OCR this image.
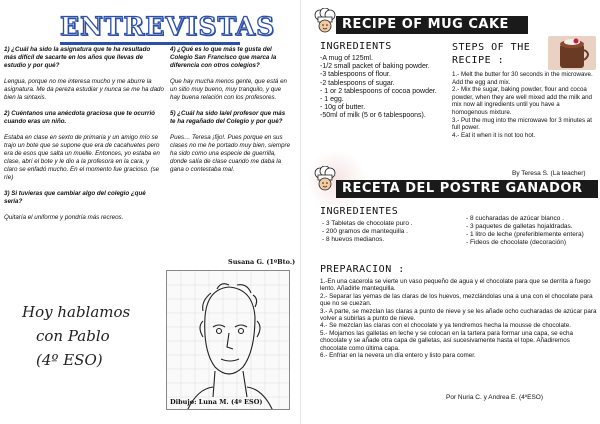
ENTREVISTAS

1) ¿Cuál ha sido la asignatura que te ha resultado más difícil de sacarte en los años que llevas de estudio y por qué?

Lengua, porque no me interesa mucho y me aburre la asignatura. Me da pereza estudiar y nunca se me ha dado bien la sintaxis.

2) Cuéntanos una anécdota graciosa que te ocurrió cuando eras un niño.

Estaba en clase en sexto de primaria y un amigo mío se trajo un bote que se supone que era de cacahuetes pero era de esos que salta un muelle. Entonces, yo estaba en clase, abrí el bote y le dio a la profesora en la cara, y claro se enfadó mucho. En el momento fue gracioso. (se ríe)

3) Si tuvieras que cambiar algo del colegio ¿qué sería?

Quitaría el uniforme y pondría más recreos.

4) ¿Qué es lo que más te gusta del Colegio San Francisco que marca la diferencia con otros colegios?

Que hay mucha menos gente, que está en un sitio muy bueno, muy tranquilo, y que hay buena relación con los profesores.

5) ¿Cuál ha sido la/el profesor que más te ha regañado del Colegio y por qué?

Pues… Teresa ¡fijo!. Pues porque en sus clases no me he portado muy bien, siempre ha sido como una especie de guerrilla, donde salía de clase cuando me daba la gana o contestaba mal.

Hoy hablamos
con Pablo
(4º ESO)
Susana G. (1ºBto.)
Dibujo: Luna M. (4º ESO)
RECIPE OF MUG CAKE
INGREDIENTS
-A mug of 125ml.
-1/2 small packet of baking powder.
-3 tablespoons of flour.
-2 tablespoons of sugar.
- 1 or 2 tablespoons of cocoa powder.
- 1 egg.
- 10g of butter.
-50ml of milk (5 or 6 tablespoons).
STEPS OF THE RECIPE :
1.- Melt the butter for 30 seconds in the microwave. Add the egg and mix.
2.- Mix the sugar, baking powder, flour and cocoa powder, when they are well mixed add the milk and mix now all ingredients until you have a homogenous mixture.
3.- Put the mug into the microwave for 3 minutes at full power.
4.- Eat it when it is not too hot.
By Teresa S. (La teacher)
RECETA DEL POSTRE GANADOR
INGREDIENTES
- 3 Tabletas de chocolate puro .
- 200 gramos de mantequilla .
- 8 huevos medianos.
- 8 cucharadas de azúcar blanco .
- 3 paquetes de galletas hojaldradas.
- 1 litro de leche (preferiblemente entera)
- Fideos de chocolate (decoración)
PREPARACION :
1.-En una cacerola se vierte un vaso pequeño de agua y el chocolate para que se derrita a fuego lento. Añadirle mantequilla.
2.- Separar las yemas de las claras de los huevos, mezclándolas una a una con el chocolate para que no se cuezan.
3.- A parte, se mezclan las claras a punto de nieve y se les añade ocho cucharadas de azúcar para volver a subirlas a punto de nieve.
4.- Se mezclan las claras con el chocolate y ya tendremos hecha la mousse de chocolate.
5.- Mojamos las galletas en leche y se colocan en la tartera para formar una capa, se echa chocolate y se añade otra capa de galletas, así sucesivamente hasta el tope. Añadiremos chocolate como última capa.
6.- Enfriar en la nevera un día entero y listo para comer.
Por Nuria C. y Andrea E. (4ºESO)
